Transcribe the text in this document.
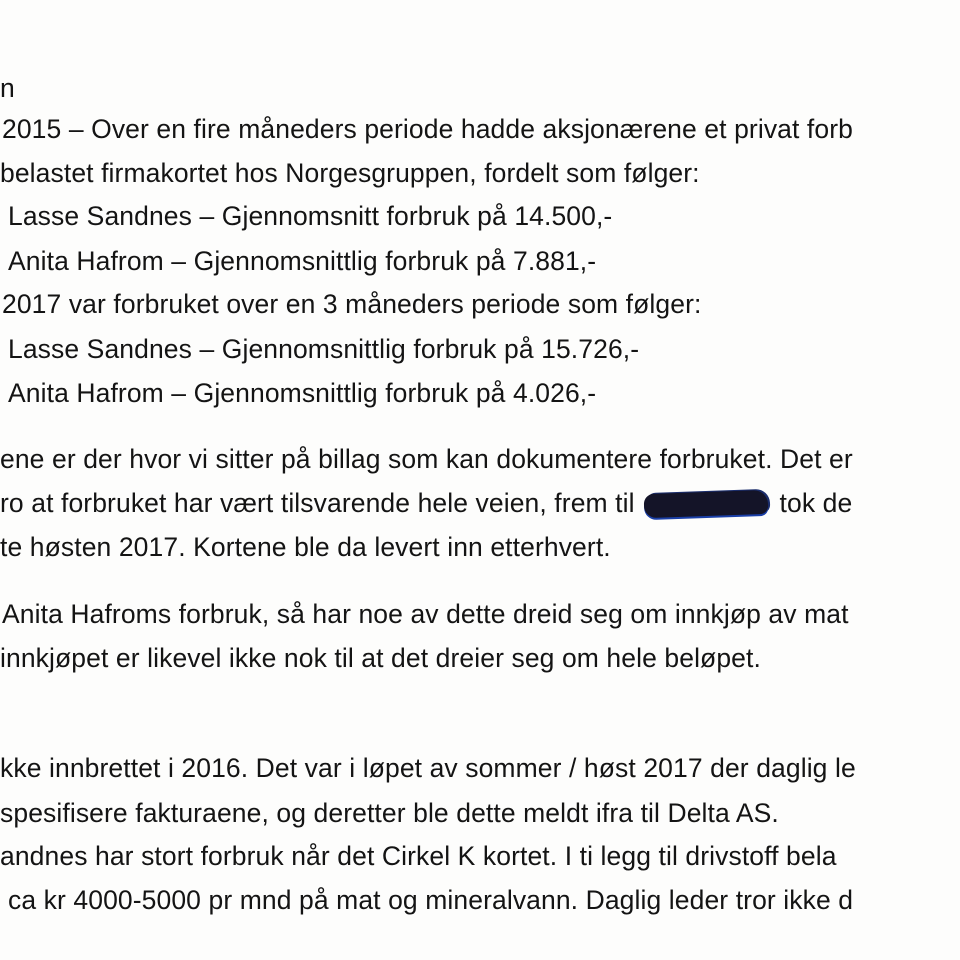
n
2015 – Over en fire måneders periode hadde aksjonærene et privat forb
belastet firmakortet hos Norgesgruppen, fordelt som følger:
Lasse Sandnes – Gjennomsnitt forbruk på 14.500,-
Anita Hafrom – Gjennomsnittlig forbruk på 7.881,-
2017 var forbruket over en 3 måneders periode som følger:
Lasse Sandnes – Gjennomsnittlig forbruk på 15.726,-
Anita Hafrom – Gjennomsnittlig forbruk på 4.026,-
ene er der hvor vi sitter på billag som kan dokumentere forbruket. Det er
ro at forbruket har vært tilsvarende hele veien, frem til	tok de
te høsten 2017. Kortene ble da levert inn etterhvert.
Anita Hafroms forbruk, så har noe av dette dreid seg om innkjøp av mat
innkjøpet er likevel ikke nok til at det dreier seg om hele beløpet.
kke innbrettet i 2016. Det var i løpet av sommer / høst 2017 der daglig le
spesifisere fakturaene, og deretter ble dette meldt ifra til Delta AS.
andnes har stort forbruk når det Cirkel K kortet. I ti legg til drivstoff bela
ca kr 4000-5000 pr mnd på mat og mineralvann. Daglig leder tror ikke d
